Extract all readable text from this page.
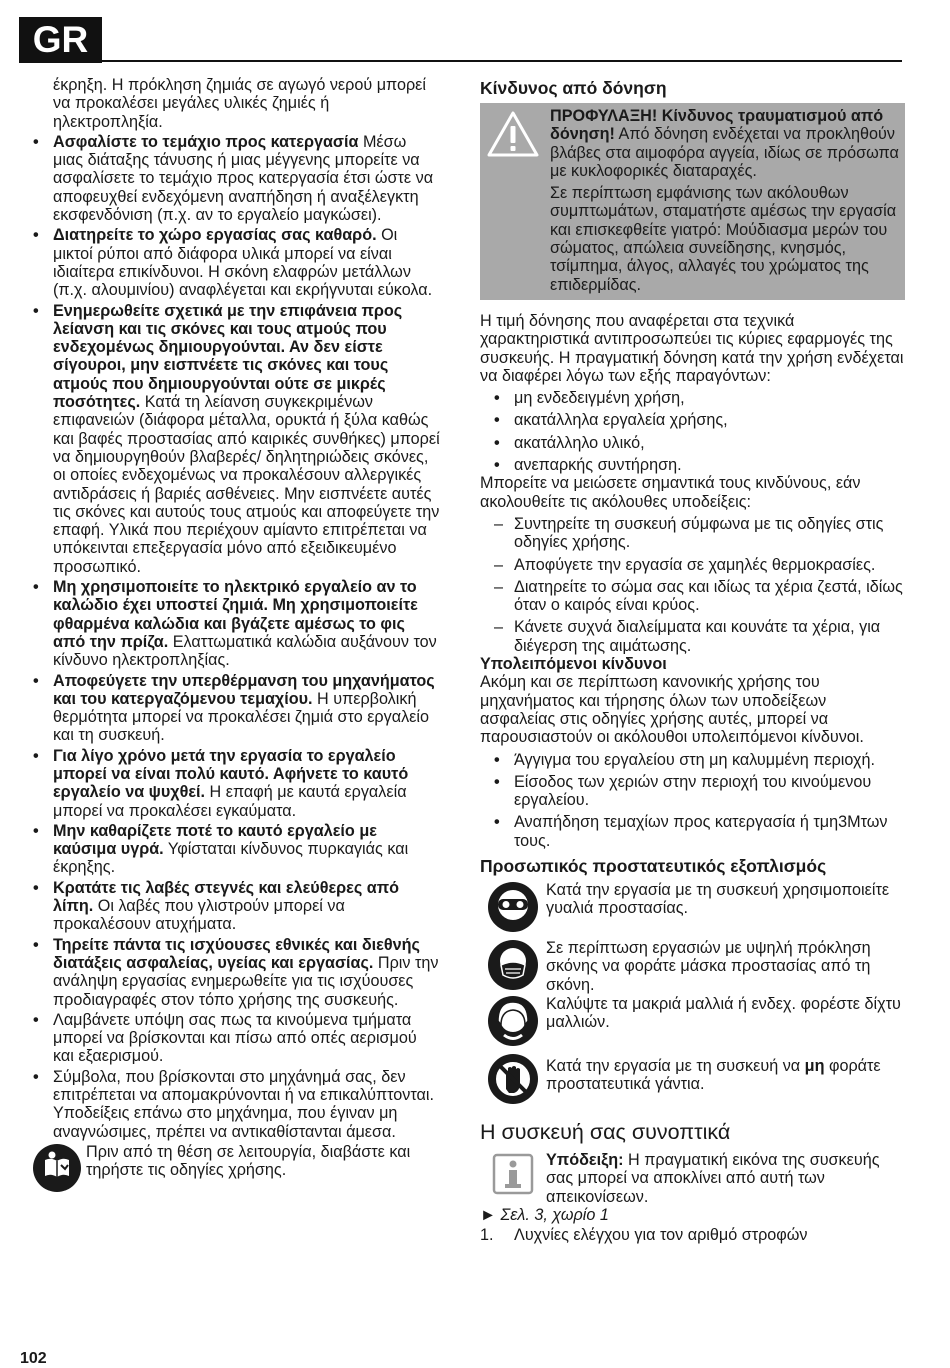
GR

έκρηξη. Η πρόκληση ζημιάς σε αγωγό νερού μπορεί να προκαλέσει μεγάλες υλικές ζημιές ή ηλεκτροπληξία.

• Ασφαλίστε το τεμάχιο προς κατεργασία Μέσω μιας διάταξης τάνυσης ή μιας μέγγενης μπορείτε να ασφαλίσετε το τεμάχιο προς κατεργασία έτσι ώστε να αποφευχθεί ενδεχόμενη αναπήδηση ή αναξέλεγκτη εκσφενδόνιση (π.χ. αν το εργαλείο μαγκώσει).
• Διατηρείτε το χώρο εργασίας σας καθαρό. Οι μικτοί ρύποι από διάφορα υλικά μπορεί να είναι ιδιαίτερα επικίνδυνοι. Η σκόνη ελαφρών μετάλλων (π.χ. αλουμινίου) αναφλέγεται και εκρήγνυται εύκολα.
• Ενημερωθείτε σχετικά με την επιφάνεια προς λείανση και τις σκόνες και τους ατμούς που ενδεχομένως δημιουργούνται. Αν δεν είστε σίγουροι, μην εισπνέετε τις σκόνες και τους ατμούς που δημιουργούνται ούτε σε μικρές ποσότητες. Κατά τη λείανση συγκεκριμένων επιφανειών (διάφορα μέταλλα, ορυκτά ή ξύλα καθώς και βαφές προστασίας από καιρικές συνθήκες) μπορεί να δημιουργηθούν βλαβερές/ δηλητηριώδεις σκόνες, οι οποίες ενδεχομένως να προκαλέσουν αλλεργικές αντιδράσεις ή βαριές ασθένειες. Μην εισπνέετε αυτές τις σκόνες και αυτούς τους ατμούς και αποφεύγετε την επαφή. Υλικά που περιέχουν αμίαντο επιτρέπεται να υπόκεινται επεξεργασία μόνο από εξειδικευμένο προσωπικό.
• Μη χρησιμοποιείτε το ηλεκτρικό εργαλείο αν το καλώδιο έχει υποστεί ζημιά. Μη χρησιμοποιείτε φθαρμένα καλώδια και βγάζετε αμέσως το φις από την πρίζα. Ελαττωματικά καλώδια αυξάνουν τον κίνδυνο ηλεκτροπληξίας.
• Αποφεύγετε την υπερθέρμανση του μηχανήματος και του κατεργαζόμενου τεμαχίου. Η υπερβολική θερμότητα μπορεί να προκαλέσει ζημιά στο εργαλείο και τη συσκευή.
• Για λίγο χρόνο μετά την εργασία το εργαλείο μπορεί να είναι πολύ καυτό. Αφήνετε το καυτό εργαλείο να ψυχθεί. Η επαφή με καυτά εργαλεία μπορεί να προκαλέσει εγκαύματα.
• Μην καθαρίζετε ποτέ το καυτό εργαλείο με καύσιμα υγρά. Υφίσταται κίνδυνος πυρκαγιάς και έκρηξης.
• Κρατάτε τις λαβές στεγνές και ελεύθερες από λίπη. Οι λαβές που γλιστρούν μπορεί να προκαλέσουν ατυχήματα.
• Τηρείτε πάντα τις ισχύουσες εθνικές και διεθνής διατάξεις ασφαλείας, υγείας και εργασίας. Πριν την ανάληψη εργασίας ενημερωθείτε για τις ισχύουσες προδιαγραφές στον τόπο χρήσης της συσκευής.
• Λαμβάνετε υπόψη σας πως τα κινούμενα τμήματα μπορεί να βρίσκονται και πίσω από οπές αερισμού και εξαερισμού.
• Σύμβολα, που βρίσκονται στο μηχάνημά σας, δεν επιτρέπεται να απομακρύνονται ή να επικαλύπτονται. Υποδείξεις επάνω στο μηχάνημα, που έγιναν μη αναγνώσιμες, πρέπει να αντικαθίστανται άμεσα.
Πριν από τη θέση σε λειτουργία, διαβάστε και τηρήστε τις οδηγίες χρήσης.
Κίνδυνος από δόνηση

ΠΡΟΦΥΛΑΞΗ! Κίνδυνος τραυματισμού από δόνηση! Από δόνηση ενδέχεται να προκληθούν βλάβες στα αιμοφόρα αγγεία, ιδίως σε πρόσωπα με κυκλοφορικές διαταραχές.

Σε περίπτωση εμφάνισης των ακόλουθων συμπτωμάτων, σταματήστε αμέσως την εργασία και επισκεφθείτε γιατρό: Μούδιασμα μερών του σώματος, απώλεια συνείδησης, κνησμός, τσίμπημα, άλγος, αλλαγές του χρώματος της επιδερμίδας.

Η τιμή δόνησης που αναφέρεται στα τεχνικά χαρακτηριστικά αντιπροσωπεύει τις κύριες εφαρμογές της συσκευής. Η πραγματική δόνηση κατά την χρήση ενδέχεται να διαφέρει λόγω των εξής παραγόντων:

• μη ενδεδειγμένη χρήση,
• ακατάλληλα εργαλεία χρήσης,
• ακατάλληλο υλικό,
• ανεπαρκής συντήρηση.

Μπορείτε να μειώσετε σημαντικά τους κινδύνους, εάν ακολουθείτε τις ακόλουθες υποδείξεις:

– Συντηρείτε τη συσκευή σύμφωνα με τις οδηγίες στις οδηγίες χρήσης.
– Αποφύγετε την εργασία σε χαμηλές θερμοκρασίες.
– Διατηρείτε το σώμα σας και ιδίως τα χέρια ζεστά, ιδίως όταν ο καιρός είναι κρύος.
– Κάνετε συχνά διαλείμματα και κουνάτε τα χέρια, για διέγερση της αιμάτωσης.

Υπολειπόμενοι κίνδυνοι

Ακόμη και σε περίπτωση κανονικής χρήσης του μηχανήματος και τήρησης όλων των υποδείξεων ασφαλείας στις οδηγίες χρήσης αυτές, μπορεί να παρουσιαστούν οι ακόλουθοι υπολειπόμενοι κίνδυνοι.

• Άγγιγμα του εργαλείου στη μη καλυμμένη περιοχή.
• Είσοδος των χεριών στην περιοχή του κινούμενου εργαλείου.
• Αναπήδηση τεμαχίων προς κατεργασία ή τμη3Μτων τους.
Προσωπικός προστατευτικός εξοπλισμός
Κατά την εργασία με τη συσκευή χρησιμοποιείτε γυαλιά προστασίας.
Σε περίπτωση εργασιών με υψηλή πρόκληση σκόνης να φοράτε μάσκα προστασίας από τη σκόνη.
Καλύψτε τα μακριά μαλλιά ή ενδεχ. φορέστε δίχτυ μαλλιών.
Κατά την εργασία με τη συσκευή να μη φοράτε προστατευτικά γάντια.
Η συσκευή σας συνοπτικά
Υπόδειξη: Η πραγματική εικόνα της συσκευής σας μπορεί να αποκλίνει από αυτή των απεικονίσεων.

► Σελ. 3, χωρίο 1

1.	Λυχνίες ελέγχου για τον αριθμό στροφών
102
